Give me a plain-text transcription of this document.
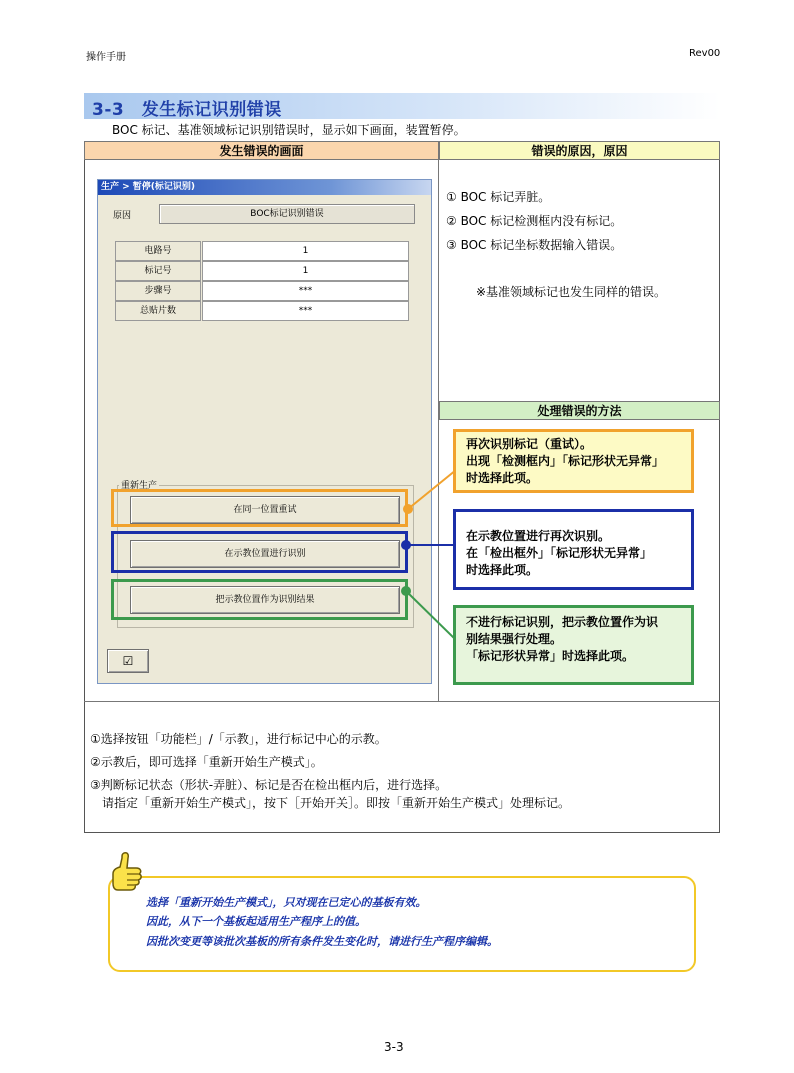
操作手册	Rev00
3-3　发生标记识别错误
BOC 标记、基准领域标记识别错误时，显示如下画面，装置暂停。
发生错误的画面	错误的原因，原因
处理错误的方法
① BOC 标记弄脏。
② BOC 标记检测框内没有标记。
③ BOC 标记坐标数据输入错误。
※基准领域标记也发生同样的错误。
生产 > 暂停(标记识别)
原因	BOC标记识别错误
电路号	1
标记号	1
步骤号	***
总贴片数	***
重新生产
在同一位置重试
在示教位置进行识别
把示教位置作为识别结果
☑
再次识别标记（重试）。
出现「检测框内」「标记形状无异常」
时选择此项。
在示教位置进行再次识别。
在「检出框外」「标记形状无异常」
时选择此项。
不进行标记识别，把示教位置作为识
别结果强行处理。
「标记形状异常」时选择此项。
①选择按钮「功能栏」/「示教」，进行标记中心的示教。
②示教后，即可选择「重新开始生产模式」。
③判断标记状态（形状-弄脏）、标记是否在检出框内后，进行选择。
　请指定「重新开始生产模式」，按下［开始开关］。即按「重新开始生产模式」处理标记。
选择「重新开始生产模式」，只对现在已定心的基板有效。
因此，从下一个基板起适用生产程序上的值。
因批次变更等该批次基板的所有条件发生变化时，请进行生产程序编辑。
3-3
